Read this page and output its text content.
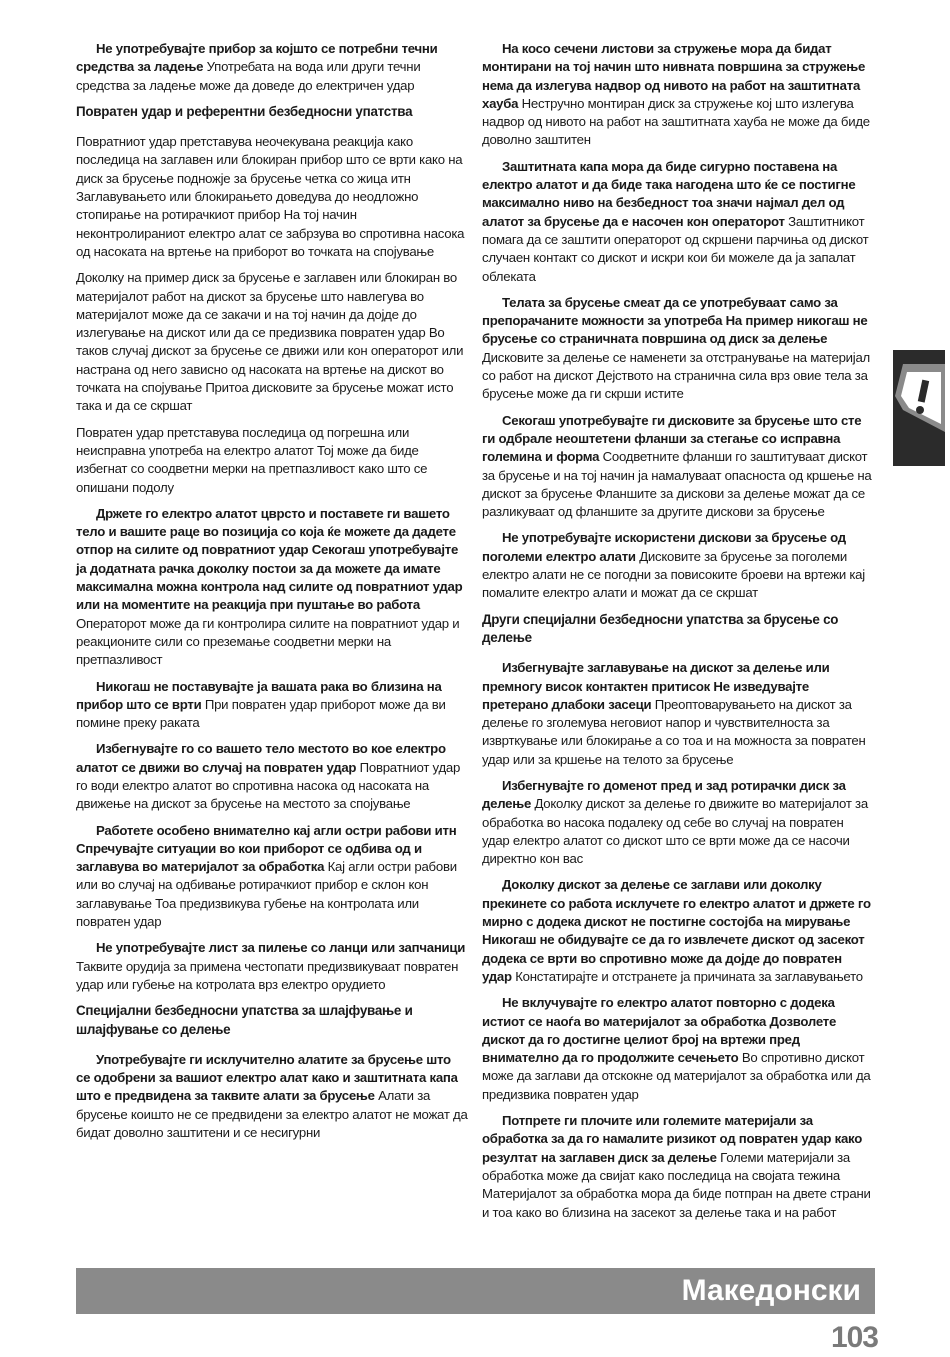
Не употребувајте прибор за којшто се потребни течни средства за ладење Употребата на вода или други течни средства за ладење може да доведе до електричен удар

Повратен удар и референтни безбедносни упатства

Повратниот удар претставува неочекувана реакција како последица на заглавен или блокиран прибор што се врти како на диск за брусење подножје за брусење четка со жица итн Заглавувањето или блокирањето доведува до неодложно стопирање на ротирачкиот прибор На тој начин неконтролираниот електро алат се забрзува во спротивна насока од насоката на вртење на приборот во точката на спојување

Доколку на пример диск за брусење е заглавен или блокиран во материјалот работ на дискот за брусење што навлегува во материјалот може да се закачи и на тој начин да дојде до излегување на дискот или да се предизвика повратен удар Во таков случај дискот за брусење се движи или кон операторот или настрана од него зависно од насоката на вртење на дискот во точката на спојување Притоа дисковите за брусење можат исто така и да се скршат

Повратен удар претставува последица од погрешна или неисправна употреба на електро алатот Тој може да биде избегнат со соодветни мерки на претпазливост како што се опишани подолу

Држете го електро алатот цврсто и поставете ги вашето тело и вашите раце во позиција со која ќе можете да дадете отпор на силите од повратниот удар Секогаш употребувајте ја додатната рачка доколку постои за да можете да имате максимална можна контрола над силите од повратниот удар или на моментите на реакција при пуштање во работа Операторот може да ги контролира силите на повратниот удар и реакционите сили со преземање соодветни мерки на претпазливост

Никогаш не поставувајте ја вашата рака во близина на прибор што се врти При повратен удар приборот може да ви помине преку раката

Избегнувајте го со вашето тело местото во кое електро алатот се движи во случај на повратен удар Повратниот удар го води електро алатот во спротивна насока од насоката на движење на дискот за брусење на местото за спојување

Работете особено внимателно кај агли остри рабови итн Спречувајте ситуации во кои приборот се одбива од и заглавува во материјалот за обработка Кај агли остри рабови или во случај на одбивање ротирачкиот прибор е склон кон заглавување Тоа предизвикува губење на контролата или повратен удар

Не употребувајте лист за пилење со ланци или запчаници Таквите орудија за примена честопати предизвикуваат повратен удар или губење на котролата врз електро орудието

Специјални безбедносни упатства за шлајфување и шлајфување со делење

Употребувајте ги исклучително алатите за брусење што се одобрени за вашиот електро алат како и заштитната капа што е предвидена за таквите алати за брусење Алати за брусење коишто не се предвидени за електро алатот не можат да бидат доволно заштитени и се несигурни

На косо сечени листови за стружење мора да бидат монтирани на тој начин што нивната површина за стружење нема да излегува надвор од нивото на работ на заштитната хауба Нестручно монтиран диск за стружење кој што излегува надвор од нивото на работ на заштитната хауба не може да биде доволно заштитен

Заштитната капа мора да биде сигурно поставена на електро алатот и да биде така нагодена што ќе се постигне максимално ниво на безбедност тоа значи најмал дел од алатот за брусење да е насочен кон операторот Заштитникот помага да се заштити операторот од скршени парчиња од дискот случаен контакт со дискот и искри кои би можеле да ја запалат облеката

Телата за брусење смеат да се употребуваат само за препорачаните можности за употреба На пример никогаш не брусење со страничната површина од диск за делење Дисковите за делење се наменети за отстранување на материјал со работ на дискот Дејството на странична сила врз овие тела за брусење може да ги скрши истите

Секогаш употребувајте ги дисковите за брусење што сте ги одбрале неоштетени фланши за стегање со исправна големина и форма Соодветните фланши го заштитуваат дискот за брусење и на тој начин ја намалуваат опасноста од кршење на дискот за брусење Фланшите за дискови за делење можат да се разликуваат од фланшите за другите дискови за брусење

Не употребувајте искористени дискови за брусење од поголеми електро алати Дисковите за брусење за поголеми електро алати не се погодни за повисоките броеви на вртежи кај помалите електро алати и можат да се скршат

Други специјални безбедносни упатства за брусење со делење

Избегнувајте заглавување на дискот за делење или премногу висок контактен притисок Не изведувајте претерано длабоки засеци Преоптоварувањето на дискот за делење го зголемува неговиот напор и чувствителноста за изврткување или блокирање а со тоа и на можноста за повратен удар или за кршење на телото за брусење

Избегнувајте го доменот пред и зад ротирачки диск за делење Доколку дискот за делење го движите во материјалот за обработка во насока подалеку од себе во случај на повратен удар електро алатот со дискот што се врти може да се насочи директно кон вас

Доколку дискот за делење се заглави или доколку прекинете со работа исклучете го електро алатот и држете го мирно с додека дискот не постигне состојба на мирување Никогаш не обидувајте се да го извлечете дискот од засекот додека се врти во спротивно може да дојде до повратен удар Констатирајте и отстранете ја причината за заглавувањето

Не вклучувајте го електро алатот повторно с додека истиот се наоѓа во материјалот за обработка Дозволете дискот да го достигне целиот број на вртежи пред внимателно да го продолжите сечењето Во спротивно дискот може да заглави да отскокне од материјалот за обработка или да предизвика повратен удар

Потпрете ги плочите или големите материјали за обработка за да го намалите ризикот од повратен удар како резултат на заглавен диск за делење Големи материјали за обработка може да свијат како последица на својата тежина Материјалот за обработка мора да биде потпран на двете страни и тоа како во близина на засекот за делење така и на работ

Македонски
103
